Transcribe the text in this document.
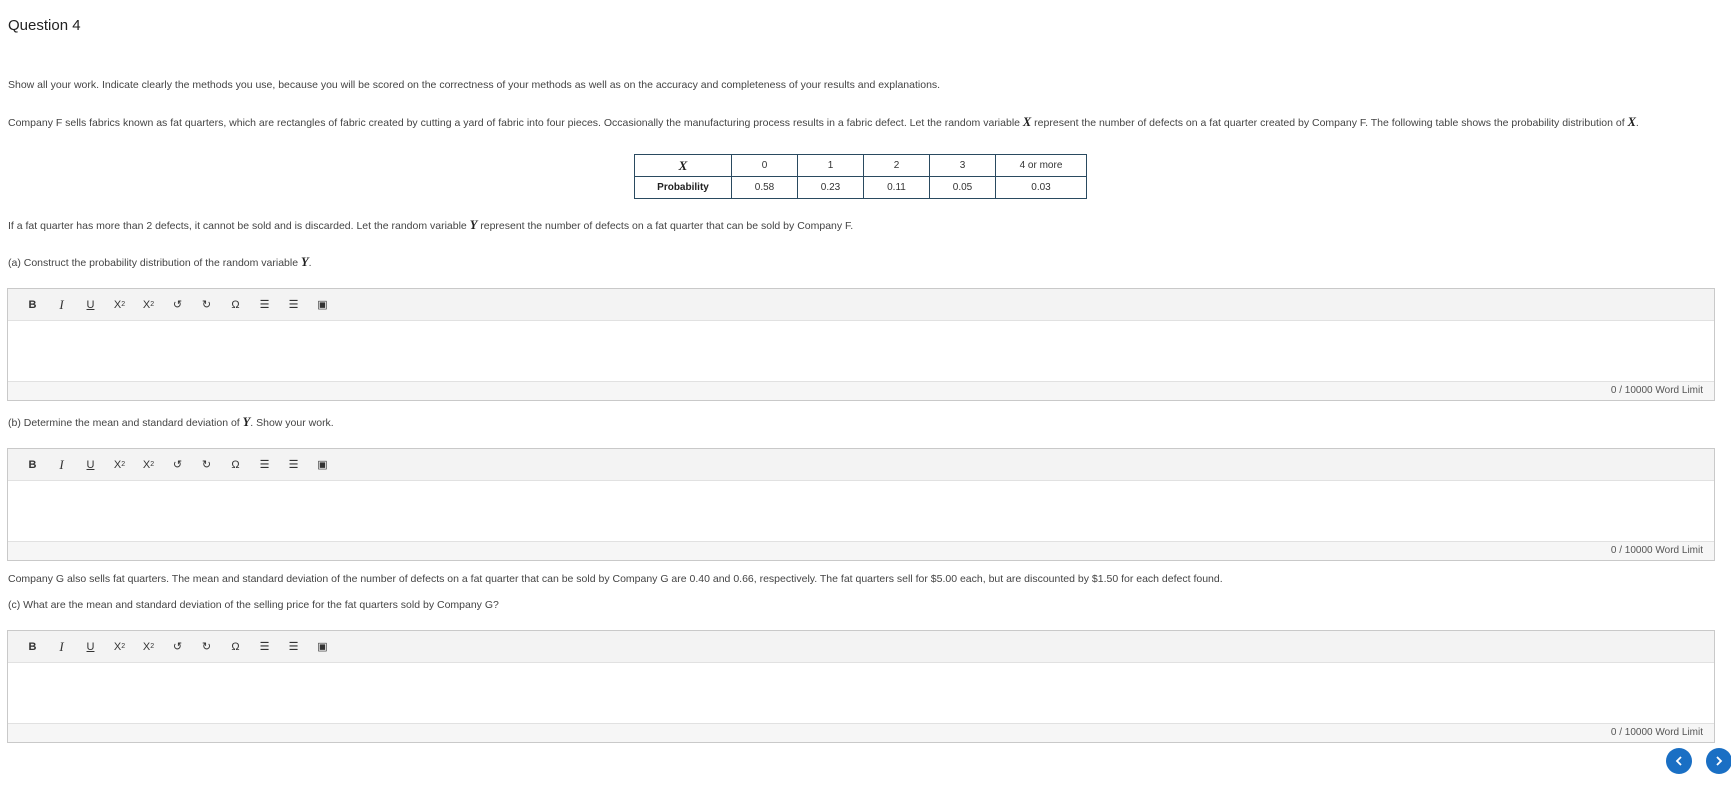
Question 4
Show all your work. Indicate clearly the methods you use, because you will be scored on the correctness of your methods as well as on the accuracy and completeness of your results and explanations.
Company F sells fabrics known as fat quarters, which are rectangles of fabric created by cutting a yard of fabric into four pieces. Occasionally the manufacturing process results in a fabric defect. Let the random variable X represent the number of defects on a fat quarter created by Company F. The following table shows the probability distribution of X.
X	0	1	2	3	4 or more
Probability	0.58	0.23	0.11	0.05	0.03
If a fat quarter has more than 2 defects, it cannot be sold and is discarded. Let the random variable Y represent the number of defects on a fat quarter that can be sold by Company F.
(a) Construct the probability distribution of the random variable Y.
B	I	U	X 2 X 2	↺	↻	Ω	☰	☰	▣
0 / 10000 Word Limit
(b) Determine the mean and standard deviation of Y. Show your work.
B	I	U	X 2 X 2	↺	↻	Ω	☰	☰	▣
0 / 10000 Word Limit
Company G also sells fat quarters. The mean and standard deviation of the number of defects on a fat quarter that can be sold by Company G are 0.40 and 0.66, respectively. The fat quarters sell for $5.00 each, but are discounted by $1.50 for each defect found.
(c) What are the mean and standard deviation of the selling price for the fat quarters sold by Company G?
B	I	U	X 2 X 2	↺	↻	Ω	☰	☰	▣
0 / 10000 Word Limit
